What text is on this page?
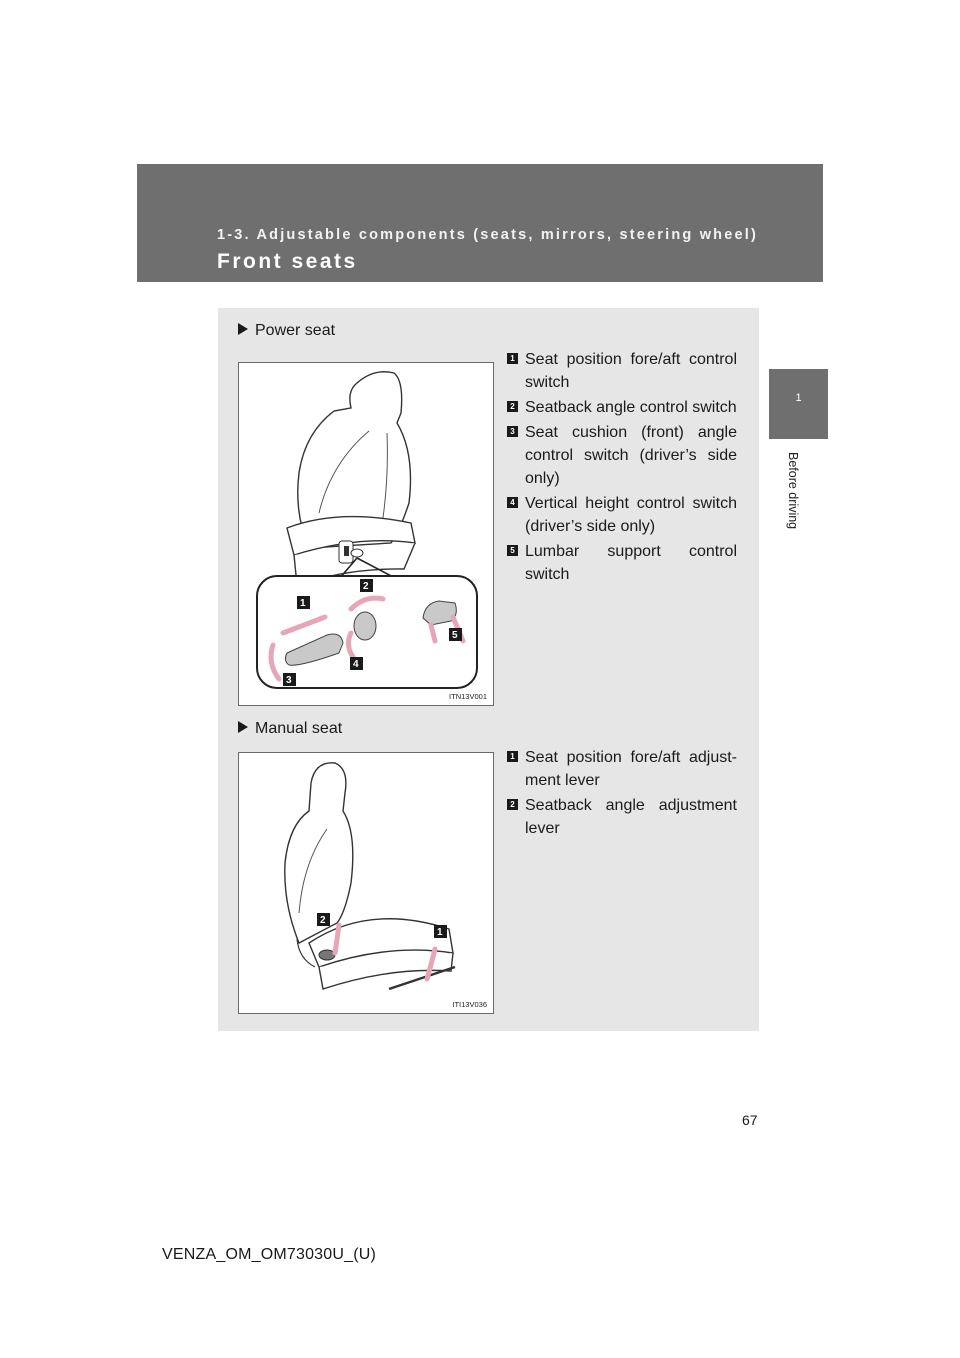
1-3. Adjustable components (seats, mirrors, steering wheel)
Front seats
1
Before driving
Power seat
1
2
3
4
5
ITN13V001
1 Seat position fore/aft control switch
2 Seatback angle control switch
3 Seat cushion (front) angle control switch (driver’s side only)
4 Vertical height control switch (driver’s side only)
5 Lumbar support control switch
Manual seat
2
1
ITI13V036
1 Seat position fore/aft adjust-ment lever
2 Seatback angle adjustment lever
67
VENZA_OM_OM73030U_(U)
